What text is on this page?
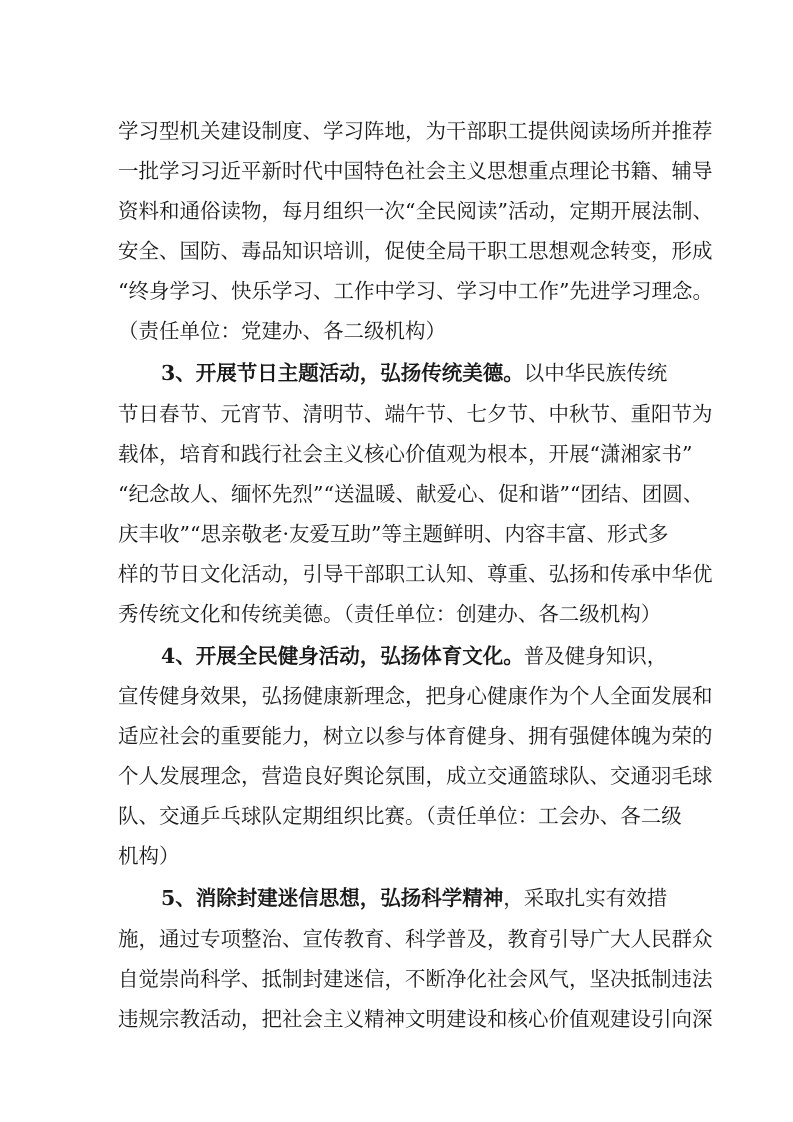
学习型机关建设制度、学习阵地，为干部职工提供阅读场所并推荐
一批学习习近平新时代中国特色社会主义思想重点理论书籍、辅导
资料和通俗读物，每月组织一次“全民阅读”活动，定期开展法制、
安全、国防、毒品知识培训，促使全局干职工思想观念转变，形成
“终身学习、快乐学习、工作中学习、学习中工作”先进学习理念。
（责任单位：党建办、各二级机构）
3、开展节日主题活动，弘扬传统美德。以中华民族传统
节日春节、元宵节、清明节、端午节、七夕节、中秋节、重阳节为
载体，培育和践行社会主义核心价值观为根本，开展“潇湘家书”
“纪念故人、缅怀先烈”“送温暖、献爱心、促和谐”“团结、团圆、
庆丰收”“思亲敬老·友爱互助”等主题鲜明、内容丰富、形式多
样的节日文化活动，引导干部职工认知、尊重、弘扬和传承中华优
秀传统文化和传统美德。（责任单位：创建办、各二级机构）
4、开展全民健身活动，弘扬体育文化。普及健身知识，
宣传健身效果，弘扬健康新理念，把身心健康作为个人全面发展和
适应社会的重要能力，树立以参与体育健身、拥有强健体魄为荣的
个人发展理念，营造良好舆论氛围，成立交通篮球队、交通羽毛球
队、交通乒乓球队定期组织比赛。（责任单位：工会办、各二级
机构）
5、消除封建迷信思想，弘扬科学精神，采取扎实有效措
施，通过专项整治、宣传教育、科学普及，教育引导广大人民群众
自觉崇尚科学、抵制封建迷信，不断净化社会风气，坚决抵制违法
违规宗教活动，把社会主义精神文明建设和核心价值观建设引向深
